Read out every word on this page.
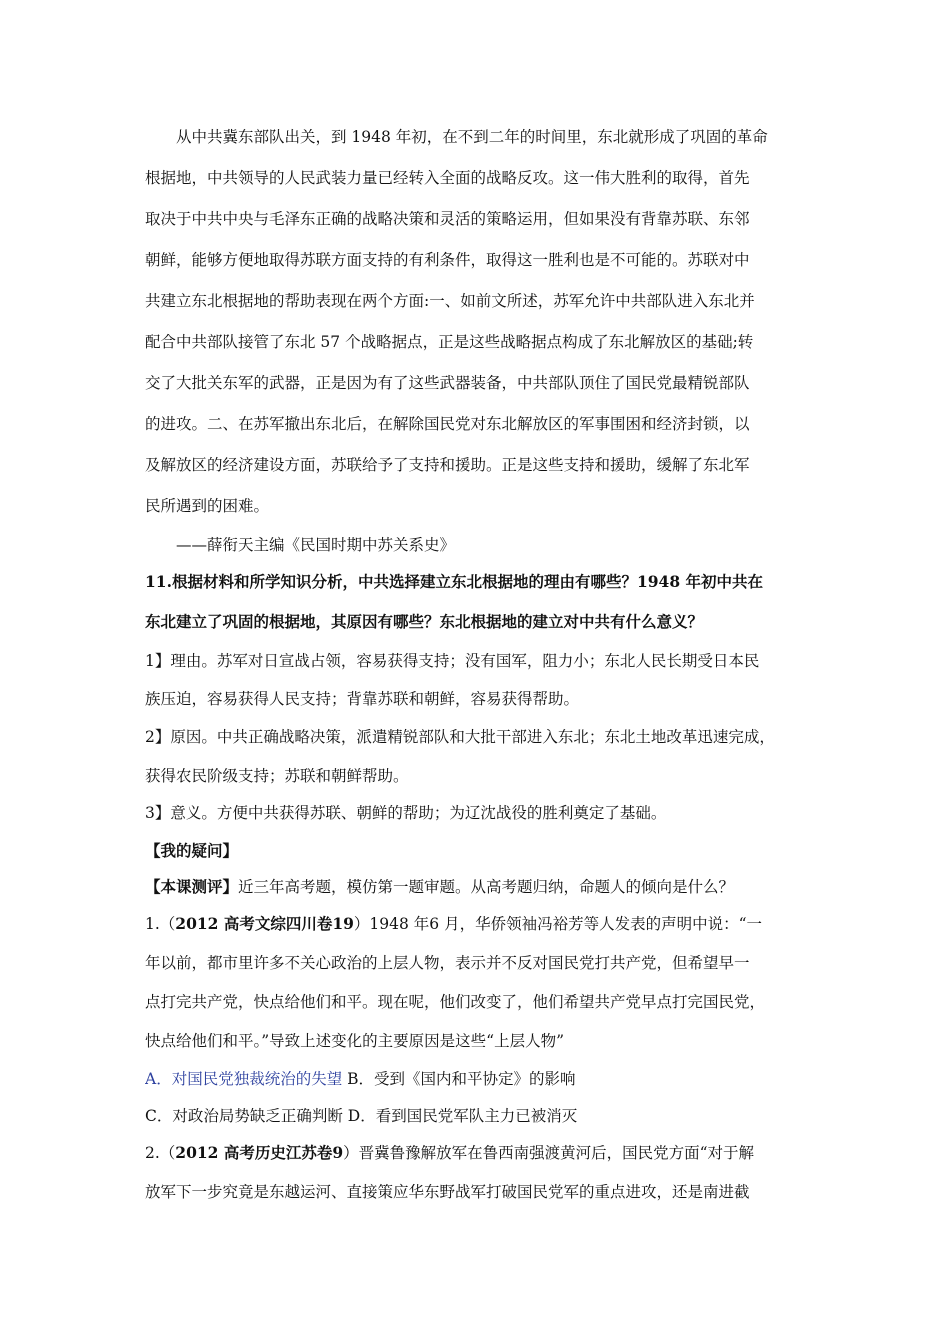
从中共冀东部队出关，到 1948 年初，在不到二年的时间里，东北就形成了巩固的革命
根据地，中共领导的人民武装力量已经转入全面的战略反攻。这一伟大胜利的取得，首先
取决于中共中央与毛泽东正确的战略决策和灵活的策略运用，但如果没有背靠苏联、东邻
朝鲜，能够方便地取得苏联方面支持的有利条件，取得这一胜利也是不可能的。苏联对中
共建立东北根据地的帮助表现在两个方面:一、如前文所述，苏军允许中共部队进入东北并
配合中共部队接管了东北 57 个战略据点，正是这些战略据点构成了东北解放区的基础;转
交了大批关东军的武器，正是因为有了这些武器装备，中共部队顶住了国民党最精锐部队
的进攻。二、在苏军撤出东北后，在解除国民党对东北解放区的军事围困和经济封锁，以
及解放区的经济建设方面，苏联给予了支持和援助。正是这些支持和援助，缓解了东北军
民所遇到的困难。
——薛衔天主编《民国时期中苏关系史》
11.根据材料和所学知识分析，中共选择建立东北根据地的理由有哪些？1948 年初中共在
东北建立了巩固的根据地，其原因有哪些？东北根据地的建立对中共有什么意义？
1】理由。苏军对日宣战占领，容易获得支持；没有国军，阻力小；东北人民长期受日本民
族压迫，容易获得人民支持；背靠苏联和朝鲜，容易获得帮助。
2】原因。中共正确战略决策，派遣精锐部队和大批干部进入东北；东北土地改革迅速完成，
获得农民阶级支持；苏联和朝鲜帮助。
3】意义。方便中共获得苏联、朝鲜的帮助；为辽沈战役的胜利奠定了基础。
【我的疑问】
【本课测评】近三年高考题，模仿第一题审题。从高考题归纳，命题人的倾向是什么？
1.（2012 高考文综四川卷19）1948 年6 月，华侨领袖冯裕芳等人发表的声明中说：“一
年以前，都市里许多不关心政治的上层人物，表示并不反对国民党打共产党，但希望早一
点打完共产党，快点给他们和平。现在呢，他们改变了，他们希望共产党早点打完国民党，
快点给他们和平。”导致上述变化的主要原因是这些“上层人物”
A．对国民党独裁统治的失望 B．受到《国内和平协定》的影响
C．对政治局势缺乏正确判断 D．看到国民党军队主力已被消灭
2.（2012 高考历史江苏卷9）晋冀鲁豫解放军在鲁西南强渡黄河后，国民党方面“对于解
放军下一步究竟是东越运河、直接策应华东野战军打破国民党军的重点进攻，还是南进截
